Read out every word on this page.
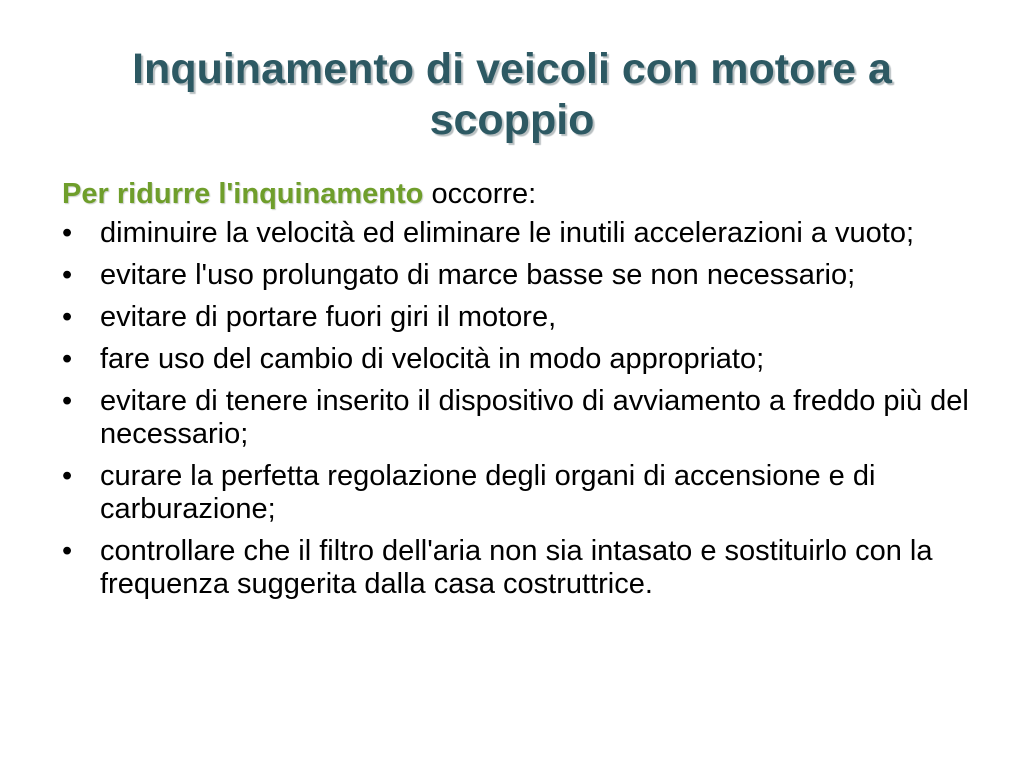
Inquinamento di veicoli con motore a scoppio

Per ridurre l'inquinamento occorre:

• diminuire la velocità ed eliminare le inutili accelerazioni a vuoto;
• evitare l'uso prolungato di marce basse se non necessario;
• evitare di portare fuori giri il motore,
• fare uso del cambio di velocità in modo appropriato;
• evitare di tenere inserito il dispositivo di avviamento a freddo più del necessario;
• curare la perfetta regolazione degli organi di accensione e di carburazione;
• controllare che il filtro dell'aria non sia intasato e sostituirlo con la frequenza suggerita dalla casa costruttrice.
